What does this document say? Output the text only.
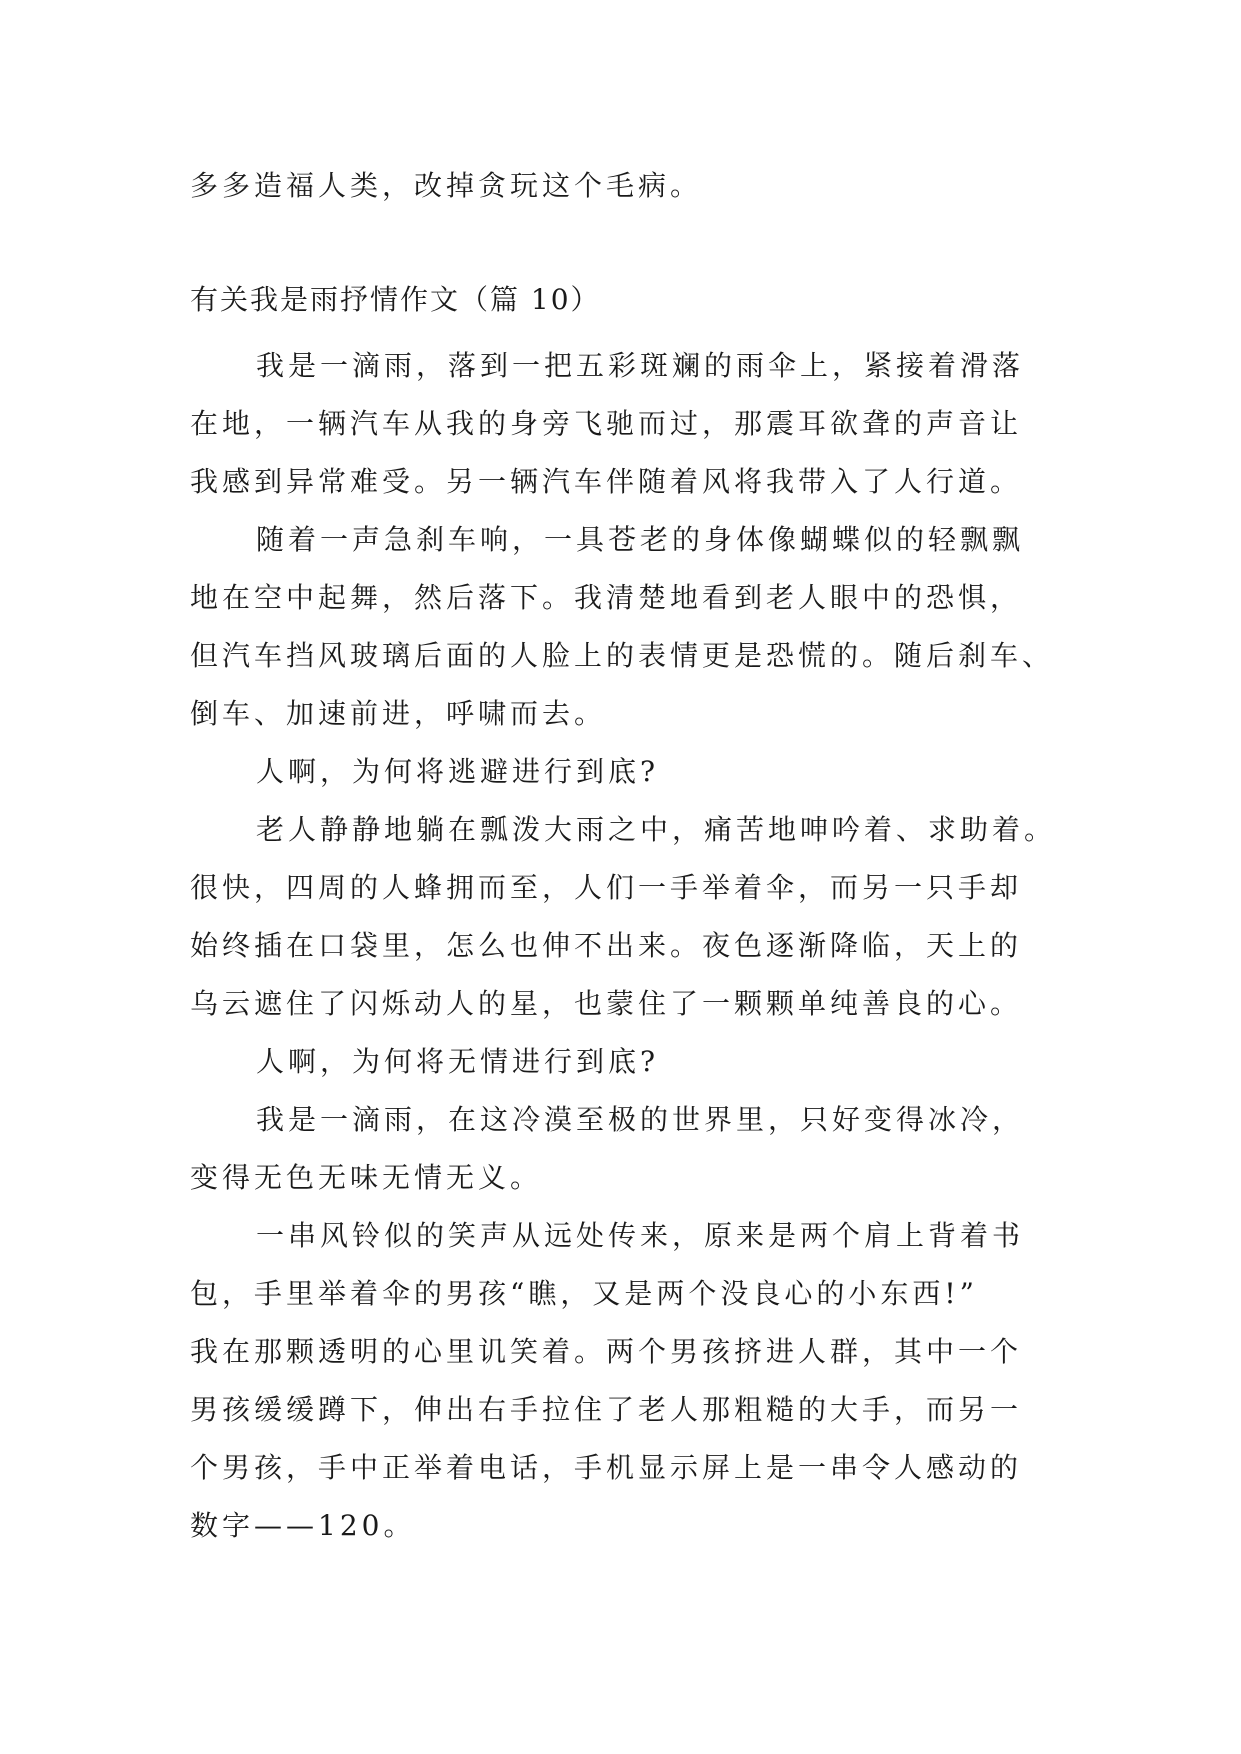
多多造福人类，改掉贪玩这个毛病。

有关我是雨抒情作文（篇 10）

我是一滴雨，落到一把五彩斑斓的雨伞上，紧接着滑落

在地，一辆汽车从我的身旁飞驰而过，那震耳欲聋的声音让

我感到异常难受。另一辆汽车伴随着风将我带入了人行道。

随着一声急刹车响，一具苍老的身体像蝴蝶似的轻飘飘

地在空中起舞，然后落下。我清楚地看到老人眼中的恐惧，

但汽车挡风玻璃后面的人脸上的表情更是恐慌的。随后刹车、

倒车、加速前进，呼啸而去。

人啊，为何将逃避进行到底?

老人静静地躺在瓢泼大雨之中，痛苦地呻吟着、求助着。

很快，四周的人蜂拥而至，人们一手举着伞，而另一只手却

始终插在口袋里，怎么也伸不出来。夜色逐渐降临，天上的

乌云遮住了闪烁动人的星，也蒙住了一颗颗单纯善良的心。

人啊，为何将无情进行到底?

我是一滴雨，在这冷漠至极的世界里，只好变得冰冷，

变得无色无味无情无义。

一串风铃似的笑声从远处传来，原来是两个肩上背着书

包，手里举着伞的男孩“瞧，又是两个没良心的小东西!”

我在那颗透明的心里讥笑着。两个男孩挤进人群，其中一个

男孩缓缓蹲下，伸出右手拉住了老人那粗糙的大手，而另一

个男孩，手中正举着电话，手机显示屏上是一串令人感动的

数字——120。
